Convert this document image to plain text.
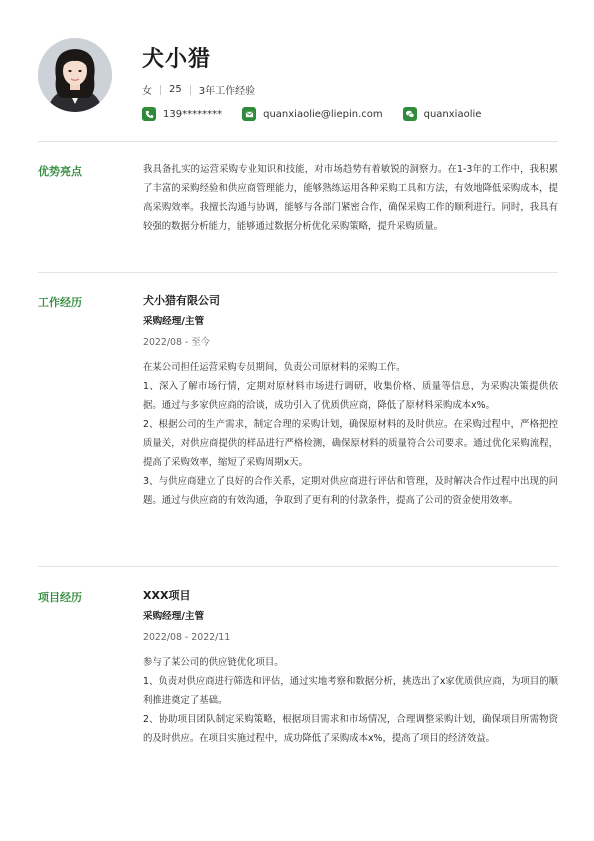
犬小猎
女 25 3年工作经验
139********	quanxiaolie@liepin.com	quanxiaolie
优势亮点	我具备扎实的运营采购专业知识和技能，对市场趋势有着敏锐的洞察力。在1-3年的工作中，我积累了丰富的采购经验和供应商管理能力，能够熟练运用各种采购工具和方法，有效地降低采购成本，提高采购效率。我擅长沟通与协调，能够与各部门紧密合作，确保采购工作的顺利进行。同时，我具有较强的数据分析能力，能够通过数据分析优化采购策略，提升采购质量。

工作经历	犬小猎有限公司
采购经理/主管
2022/08 - 至今

在某公司担任运营采购专员期间，负责公司原材料的采购工作。

1、深入了解市场行情，定期对原材料市场进行调研，收集价格、质量等信息，为采购决策提供依据。通过与多家供应商的洽谈，成功引入了优质供应商，降低了原材料采购成本x%。

2、根据公司的生产需求，制定合理的采购计划，确保原材料的及时供应。在采购过程中，严格把控质量关，对供应商提供的样品进行严格检测，确保原材料的质量符合公司要求。通过优化采购流程，提高了采购效率，缩短了采购周期x天。

3、与供应商建立了良好的合作关系，定期对供应商进行评估和管理，及时解决合作过程中出现的问题。通过与供应商的有效沟通，争取到了更有利的付款条件，提高了公司的资金使用效率。

项目经历	XXX项目
采购经理/主管
2022/08 - 2022/11

参与了某公司的供应链优化项目。

1、负责对供应商进行筛选和评估，通过实地考察和数据分析，挑选出了x家优质供应商，为项目的顺利推进奠定了基础。

2、协助项目团队制定采购策略，根据项目需求和市场情况，合理调整采购计划，确保项目所需物资的及时供应。在项目实施过程中，成功降低了采购成本x%，提高了项目的经济效益。
